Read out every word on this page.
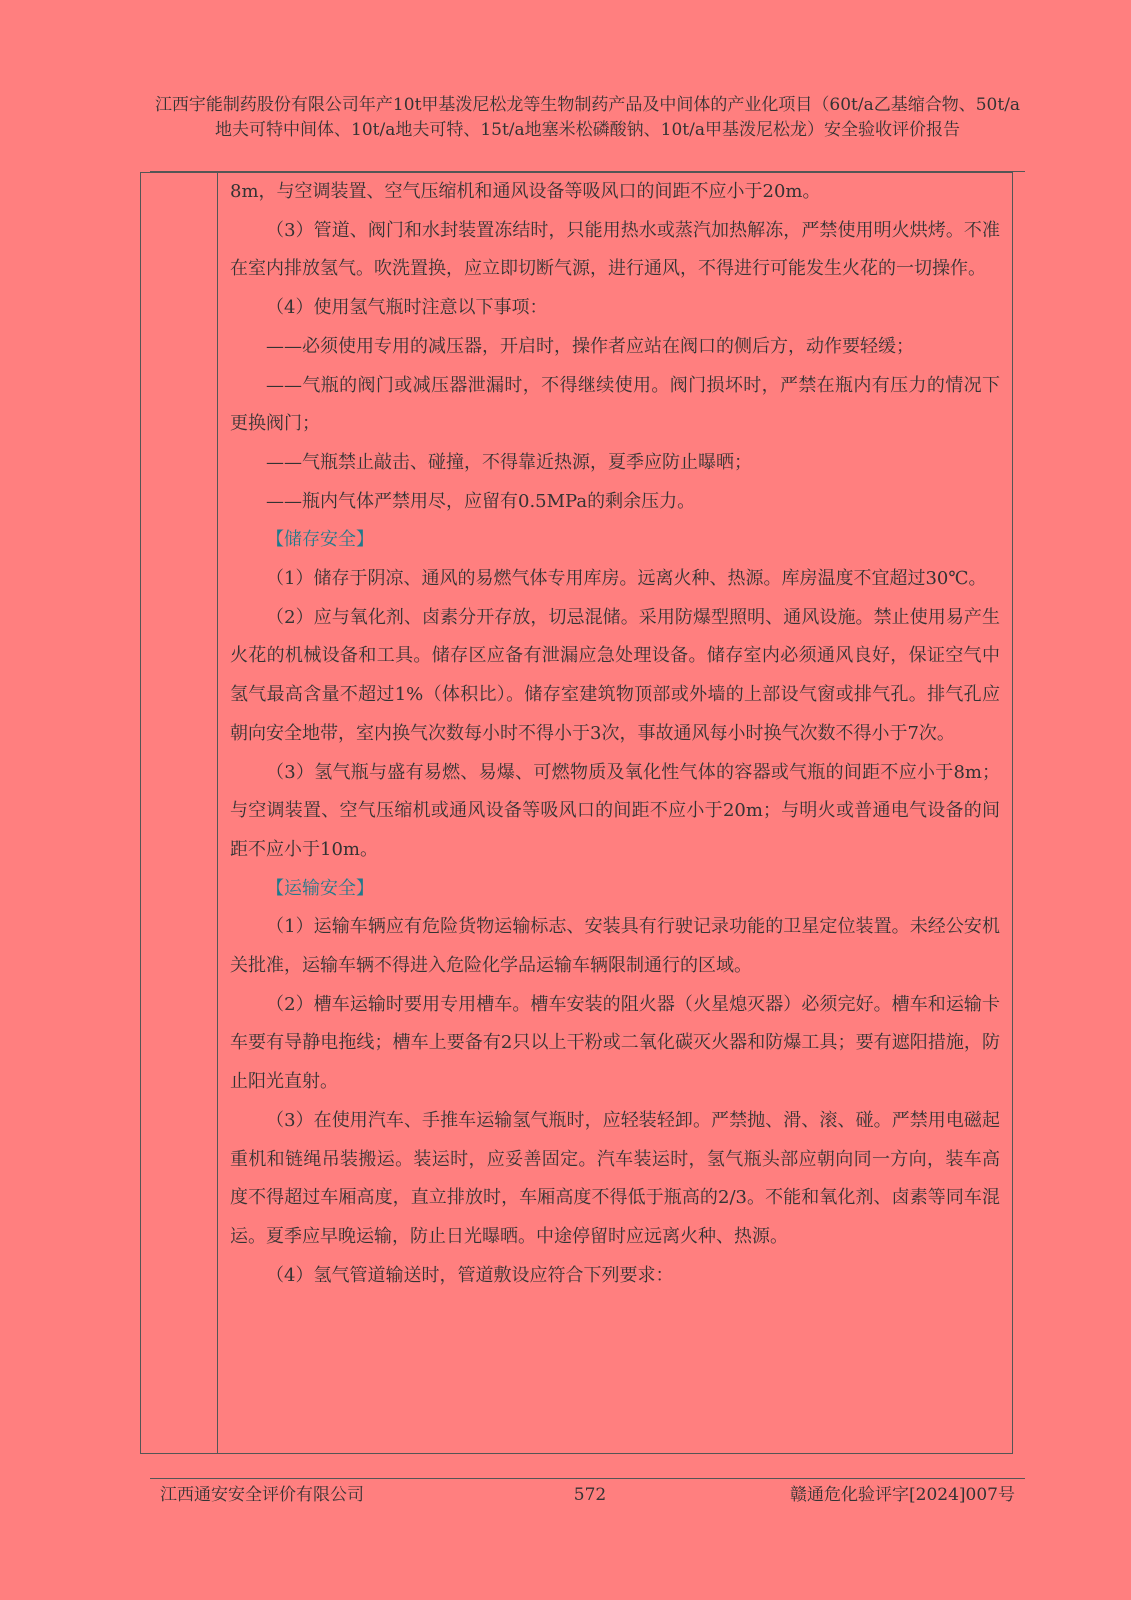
江西宇能制药股份有限公司年产10t甲基泼尼松龙等生物制药产品及中间体的产业化项目（60t/a乙基缩合物、50t/a地夫可特中间体、10t/a地夫可特、15t/a地塞米松磷酸钠、10t/a甲基泼尼松龙）安全验收评价报告

8m，与空调装置、空气压缩机和通风设备等吸风口的间距不应小于20m。

（3）管道、阀门和水封装置冻结时，只能用热水或蒸汽加热解冻，严禁使用明火烘烤。不准在室内排放氢气。吹洗置换，应立即切断气源，进行通风，不得进行可能发生火花的一切操作。

（4）使用氢气瓶时注意以下事项：

——必须使用专用的减压器，开启时，操作者应站在阀口的侧后方，动作要轻缓；

——气瓶的阀门或减压器泄漏时，不得继续使用。阀门损坏时，严禁在瓶内有压力的情况下更换阀门；

——气瓶禁止敲击、碰撞，不得靠近热源，夏季应防止曝晒；

——瓶内气体严禁用尽，应留有0.5MPa的剩余压力。

【储存安全】

（1）储存于阴凉、通风的易燃气体专用库房。远离火种、热源。库房温度不宜超过30℃。

（2）应与氧化剂、卤素分开存放，切忌混储。采用防爆型照明、通风设施。禁止使用易产生火花的机械设备和工具。储存区应备有泄漏应急处理设备。储存室内必须通风良好，保证空气中氢气最高含量不超过1%（体积比）。储存室建筑物顶部或外墙的上部设气窗或排气孔。排气孔应朝向安全地带，室内换气次数每小时不得小于3次，事故通风每小时换气次数不得小于7次。

（3）氢气瓶与盛有易燃、易爆、可燃物质及氧化性气体的容器或气瓶的间距不应小于8m；与空调装置、空气压缩机或通风设备等吸风口的间距不应小于20m；与明火或普通电气设备的间距不应小于10m。

【运输安全】

（1）运输车辆应有危险货物运输标志、安装具有行驶记录功能的卫星定位装置。未经公安机关批准，运输车辆不得进入危险化学品运输车辆限制通行的区域。

（2）槽车运输时要用专用槽车。槽车安装的阻火器（火星熄灭器）必须完好。槽车和运输卡车要有导静电拖线；槽车上要备有2只以上干粉或二氧化碳灭火器和防爆工具；要有遮阳措施，防止阳光直射。

（3）在使用汽车、手推车运输氢气瓶时，应轻装轻卸。严禁抛、滑、滚、碰。严禁用电磁起重机和链绳吊装搬运。装运时，应妥善固定。汽车装运时，氢气瓶头部应朝向同一方向，装车高度不得超过车厢高度，直立排放时，车厢高度不得低于瓶高的2/3。不能和氧化剂、卤素等同车混运。夏季应早晚运输，防止日光曝晒。中途停留时应远离火种、热源。

（4）氢气管道输送时，管道敷设应符合下列要求：

江西通安安全评价有限公司	572	赣通危化验评字[2024]007号
